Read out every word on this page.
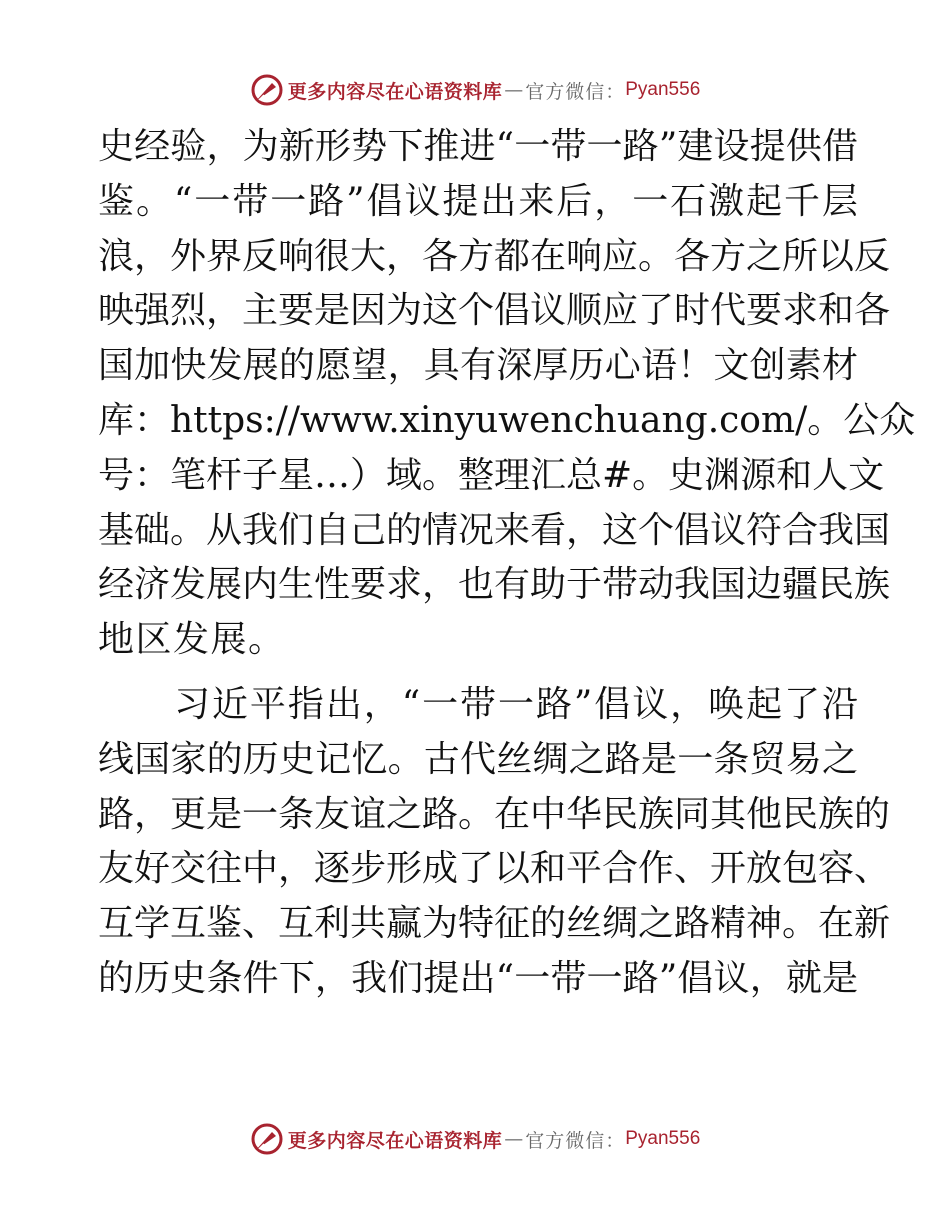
更多内容尽在心语资料库 — 官方微信： Pyan556
史经验，为新形势下推进“一带一路”建设提供借
鉴。“一带一路”倡议提出来后，一石激起千层
浪，外界反响很大，各方都在响应。各方之所以反
映强烈，主要是因为这个倡议顺应了时代要求和各
国加快发展的愿望，具有深厚历心语！文创素材
库：https://www.xinyuwenchuang.com/。公众
号：笔杆子星…）域。整理汇总#。史渊源和人文
基础。从我们自己的情况来看，这个倡议符合我国
经济发展内生性要求，也有助于带动我国边疆民族
地区发展。
习近平指出，“一带一路”倡议，唤起了沿
线国家的历史记忆。古代丝绸之路是一条贸易之
路，更是一条友谊之路。在中华民族同其他民族的
友好交往中，逐步形成了以和平合作、开放包容、
互学互鉴、互利共赢为特征的丝绸之路精神。在新
的历史条件下，我们提出“一带一路”倡议，就是
更多内容尽在心语资料库 — 官方微信： Pyan556
